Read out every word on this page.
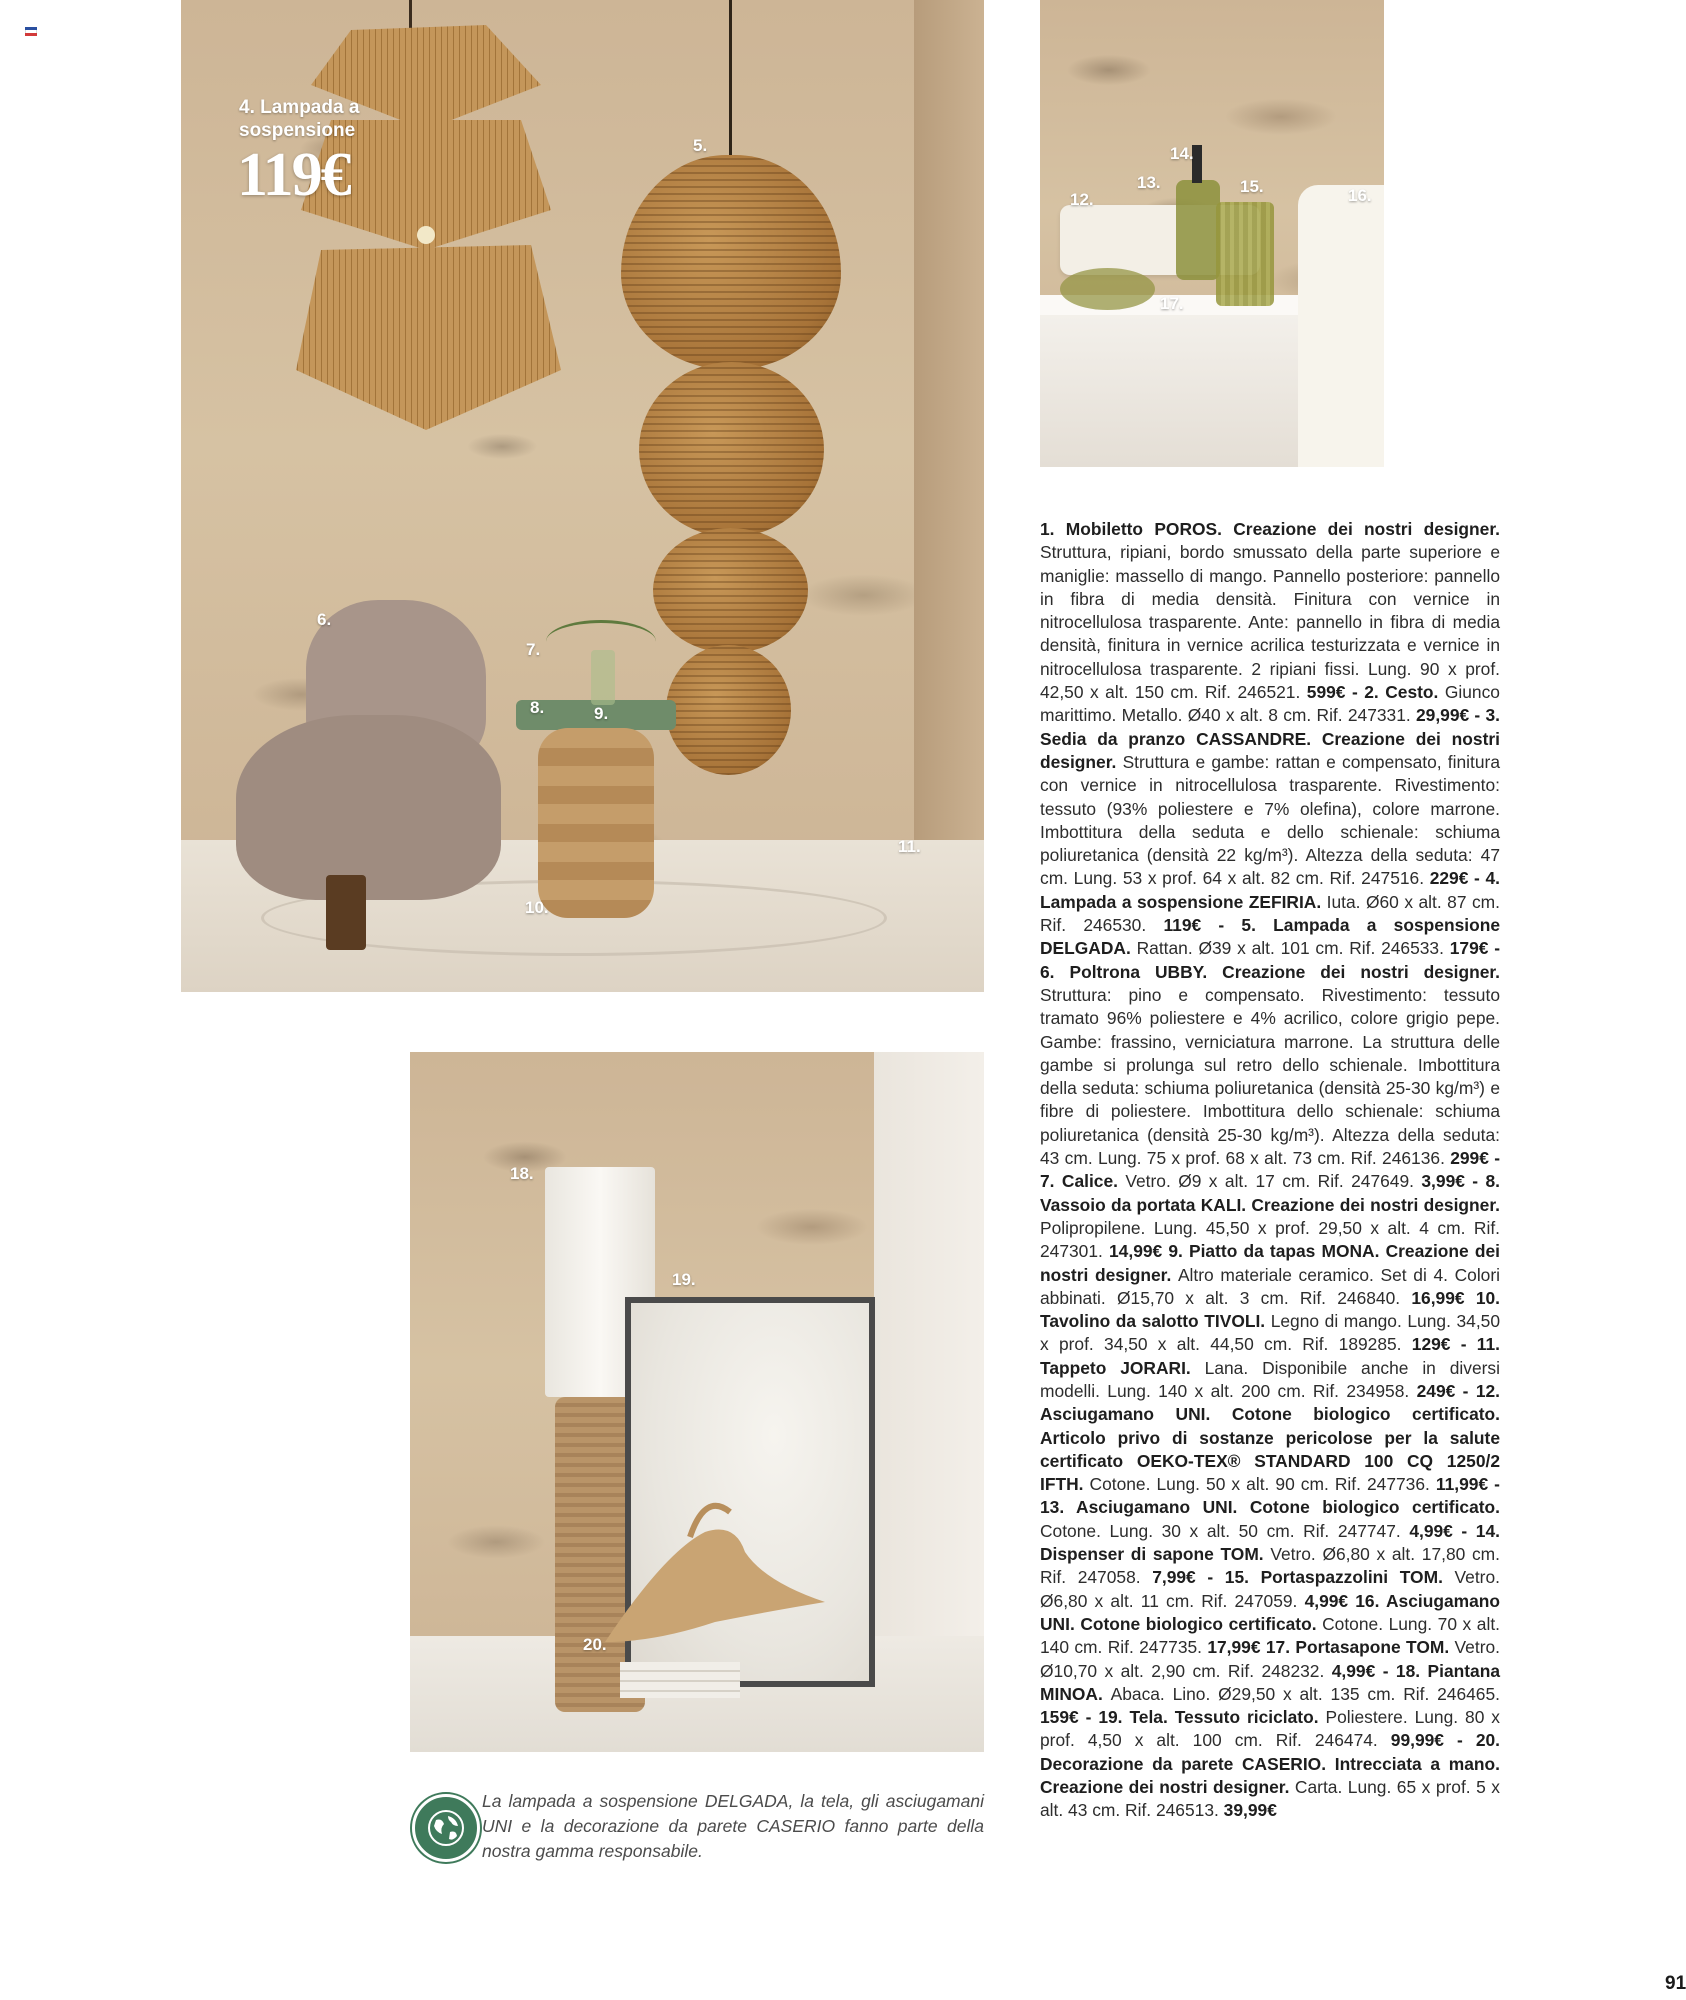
4. Lampada a sospensione
119€	5.
6.
7.
8.	9.
10.
11.
12.
13.
14.
15.	16.
17.
18.
19.
20.
La lampada a sospensione DELGADA, la tela, gli asciugamani UNI e la decorazione da parete CASERIO fanno parte della nostra gamma responsabile.
1. Mobiletto POROS. Creazione dei nostri designer. Struttura, ripiani, bordo smussato della parte superiore e maniglie: massello di mango. Pannello posteriore: pannello in fibra di media densità. Finitura con vernice in nitrocellulosa trasparente. Ante: pannello in fibra di media densità, finitura in vernice acrilica testurizzata e vernice in nitrocellulosa trasparente. 2 ripiani fissi. Lung. 90 x prof. 42,50 x alt. 150 cm. Rif. 246521. 599€ - 2. Cesto. Giunco marittimo. Metallo. Ø40 x alt. 8 cm. Rif. 247331. 29,99€ - 3. Sedia da pranzo CASSANDRE. Creazione dei nostri designer. Struttura e gambe: rattan e compensato, finitura con vernice in nitrocellulosa trasparente. Rivestimento: tessuto (93% poliestere e 7% olefina), colore marrone. Imbottitura della seduta e dello schienale: schiuma poliuretanica (densità 22 kg/m³). Altezza della seduta: 47 cm. Lung. 53 x prof. 64 x alt. 82 cm. Rif. 247516. 229€ - 4. Lampada a sospensione ZEFIRIA. Iuta. Ø60 x alt. 87 cm. Rif. 246530. 119€ - 5. Lampada a sospensione DELGADA. Rattan. Ø39 x alt. 101 cm. Rif. 246533. 179€ - 6. Poltrona UBBY. Creazione dei nostri designer. Struttura: pino e compensato. Rivestimento: tessuto tramato 96% poliestere e 4% acrilico, colore grigio pepe. Gambe: frassino, verniciatura marrone. La struttura delle gambe si prolunga sul retro dello schienale. Imbottitura della seduta: schiuma poliuretanica (densità 25-30 kg/m³) e fibre di poliestere. Imbottitura dello schienale: schiuma poliuretanica (densità 25-30 kg/m³). Altezza della seduta: 43 cm. Lung. 75 x prof. 68 x alt. 73 cm. Rif. 246136. 299€ - 7. Calice. Vetro. Ø9 x alt. 17 cm. Rif. 247649. 3,99€ - 8. Vassoio da portata KALI. Creazione dei nostri designer. Polipropilene. Lung. 45,50 x prof. 29,50 x alt. 4 cm. Rif. 247301. 14,99€ 9. Piatto da tapas MONA. Creazione dei nostri designer. Altro materiale ceramico. Set di 4. Colori abbinati. Ø15,70 x alt. 3 cm. Rif. 246840. 16,99€ 10. Tavolino da salotto TIVOLI. Legno di mango. Lung. 34,50 x prof. 34,50 x alt. 44,50 cm. Rif. 189285. 129€ - 11. Tappeto JORARI. Lana. Disponibile anche in diversi modelli. Lung. 140 x alt. 200 cm. Rif. 234958. 249€ - 12. Asciugamano UNI. Cotone biologico certificato. Articolo privo di sostanze pericolose per la salute certificato OEKO-TEX® STANDARD 100 CQ 1250/2 IFTH. Cotone. Lung. 50 x alt. 90 cm. Rif. 247736. 11,99€ - 13. Asciugamano UNI. Cotone biologico certificato. Cotone. Lung. 30 x alt. 50 cm. Rif. 247747. 4,99€ - 14. Dispenser di sapone TOM. Vetro. Ø6,80 x alt. 17,80 cm. Rif. 247058. 7,99€ - 15. Portaspazzolini TOM. Vetro. Ø6,80 x alt. 11 cm. Rif. 247059. 4,99€ 16. Asciugamano UNI. Cotone biologico certificato. Cotone. Lung. 70 x alt. 140 cm. Rif. 247735. 17,99€ 17. Portasapone TOM. Vetro. Ø10,70 x alt. 2,90 cm. Rif. 248232. 4,99€ - 18. Piantana MINOA. Abaca. Lino. Ø29,50 x alt. 135 cm. Rif. 246465. 159€ - 19. Tela. Tessuto riciclato. Poliestere. Lung. 80 x prof. 4,50 x alt. 100 cm. Rif. 246474. 99,99€ - 20. Decorazione da parete CASERIO. Intrecciata a mano. Creazione dei nostri designer. Carta. Lung. 65 x prof. 5 x alt. 43 cm. Rif. 246513. 39,99€
91
